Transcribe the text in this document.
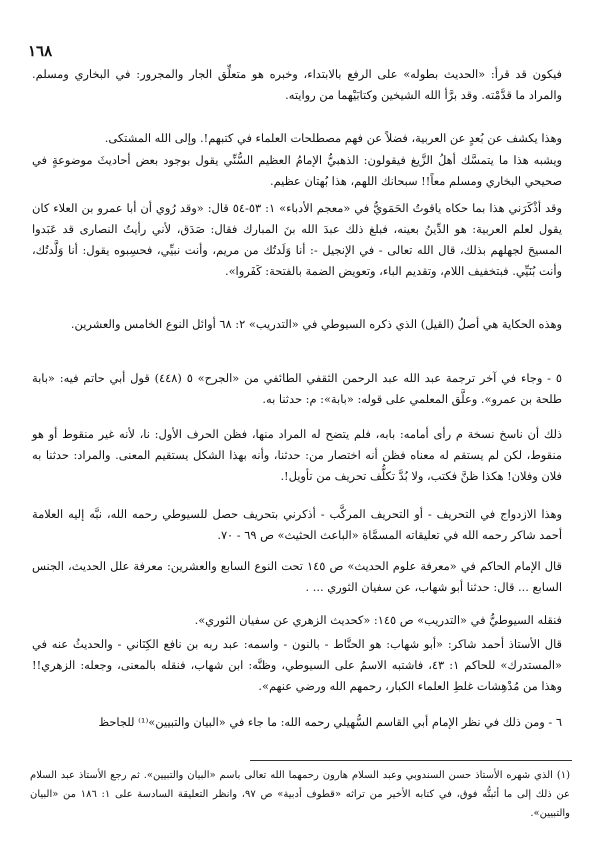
١٦٨

فيكون قد قرأ: «الحديث بطوله» على الرفع بالابتداء، وخبره هو متعلِّق الجار والمجرور: في البخاري ومسلم. والمراد ما قدَّمْته. وقد برَّأ الله الشيخين وكتابَيْهما من روايته.

وهذا يكشف عن بُعدٍ عن العربية، فضلاً عن فهم مصطلحات العلماء في كتبهم!. وإلى الله المشتكى.

ويشبه هذا ما يتمسَّك أهلُ الزَّيغ فيقولون: الذهبيُّ الإمامُ العظيم السُّنِّي يقول بوجود بعض أحاديثَ موضوعةٍ في صحيحي البخاري ومسلم معاً!! سبحانك اللهم، هذا بُهتان عظيم.

وقد أذْكَرَني هذا بما حكاه ياقوتُ الحَمَويُّ في «معجم الأدباء» ١: ٥٣-٥٤ قال: «وقد رُوي أن أبا عمرو بن العلاء كان يقول لعلم العربية: هو الدِّينُ بعينه، فبلغ ذلك عبدَ الله بنَ المبارك فقال: صَدَق، لأني رأيتُ النصارى قد عَبَدوا المسيحَ لجهلهم بذلك، قال الله تعالى - في الإنجيل -: أنا وَلَدتُك من مريم، وأنت نبيِّي، فحسِبوه يقول: أنا وَلَّدتُك، وأنت بُنَيِّي. فبتخفيف اللام، وتقديم الباء، وتعويض الضمة بالفتحة: كَفَروا».

وهذه الحكاية هي أصلُ (القيل) الذي ذكره السيوطي في «التدريب» ٢: ٦٨ أوائل النوع الخامس والعشرين.

٥ - وجاء في آخر ترجمة عبد الله عبد الرحمن الثقفي الطائفي من «الجرح» ٥ (٤٤٨) قول أبي حاتم فيه: «بابة طلحة بن عمرو». وعلَّق المعلمي على قوله: «بابة»: م: حدثنا به.

ذلك أن ناسخ نسخة م رأى أمامه: بابه، فلم يتضح له المراد منها، فظن الحرف الأول: نا، لأنه غير منقوط أو هو منقوط، لكن لم يستقم له معناه فظن أنه اختصار من: حدثنا، وأنه بهذا الشكل يستقيم المعنى. والمراد: حدثنا به فلان وفلان! هكذا ظنَّ فكتب، ولا بُدَّ تكلُّف تحريف من تأويل!.

وهذا الازدواج في التحريف - أو التحريف المركَّب - أذكرني بتحريف حصل للسيوطي رحمه الله، نبَّه إليه العلامة أحمد شاكر رحمه الله في تعليقاته المسمَّاة «الباعث الحثيث» ص ٦٩ - ٧٠.

قال الإمام الحاكم في «معرفة علوم الحديث» ص ١٤٥ تحت النوع السابع والعشرين: معرفة علل الحديث، الجنس السابع ... قال: حدثنا أبو شهاب، عن سفيان الثوري ... .

فنقله السيوطيُّ في «التدريب» ص ١٤٥: «كحديث الزهري عن سفيان الثوري».

قال الأستاذ أحمد شاكر: «أبو شهاب: هو الحنَّاط - بالنون - واسمه: عبد ربه بن نافع الكِنَاني - والحديثُ عنه في «المستدرك» للحاكم ١: ٤٣، فاشتبه الاسمُ على السيوطي، وظنَّه: ابن شهاب، فنقله بالمعنى، وجعله: الزهري!! وهذا من مُدْهِشات غلطِ العلماء الكبار، رحمهم الله ورضي عنهم».

٦ - ومن ذلك في نظر الإمام أبي القاسم السُّهيلي رحمه الله: ما جاء في «البيان والتبيين»⁽¹⁾ للجاحظ

(١) الذي شهره الأستاذ حسن السندوبي وعبد السلام هارون رحمهما الله تعالى باسم «البيان والتبيين». ثم رجع الأستاذ عبد السلام عن ذلك إلى ما أثبتُّه فوق، في كتابه الأخير من تراثه «قطوف أدبية» ص ٩٧، وانظر التعليقة السادسة على ١: ١٨٦ من «البيان والتبيين».
